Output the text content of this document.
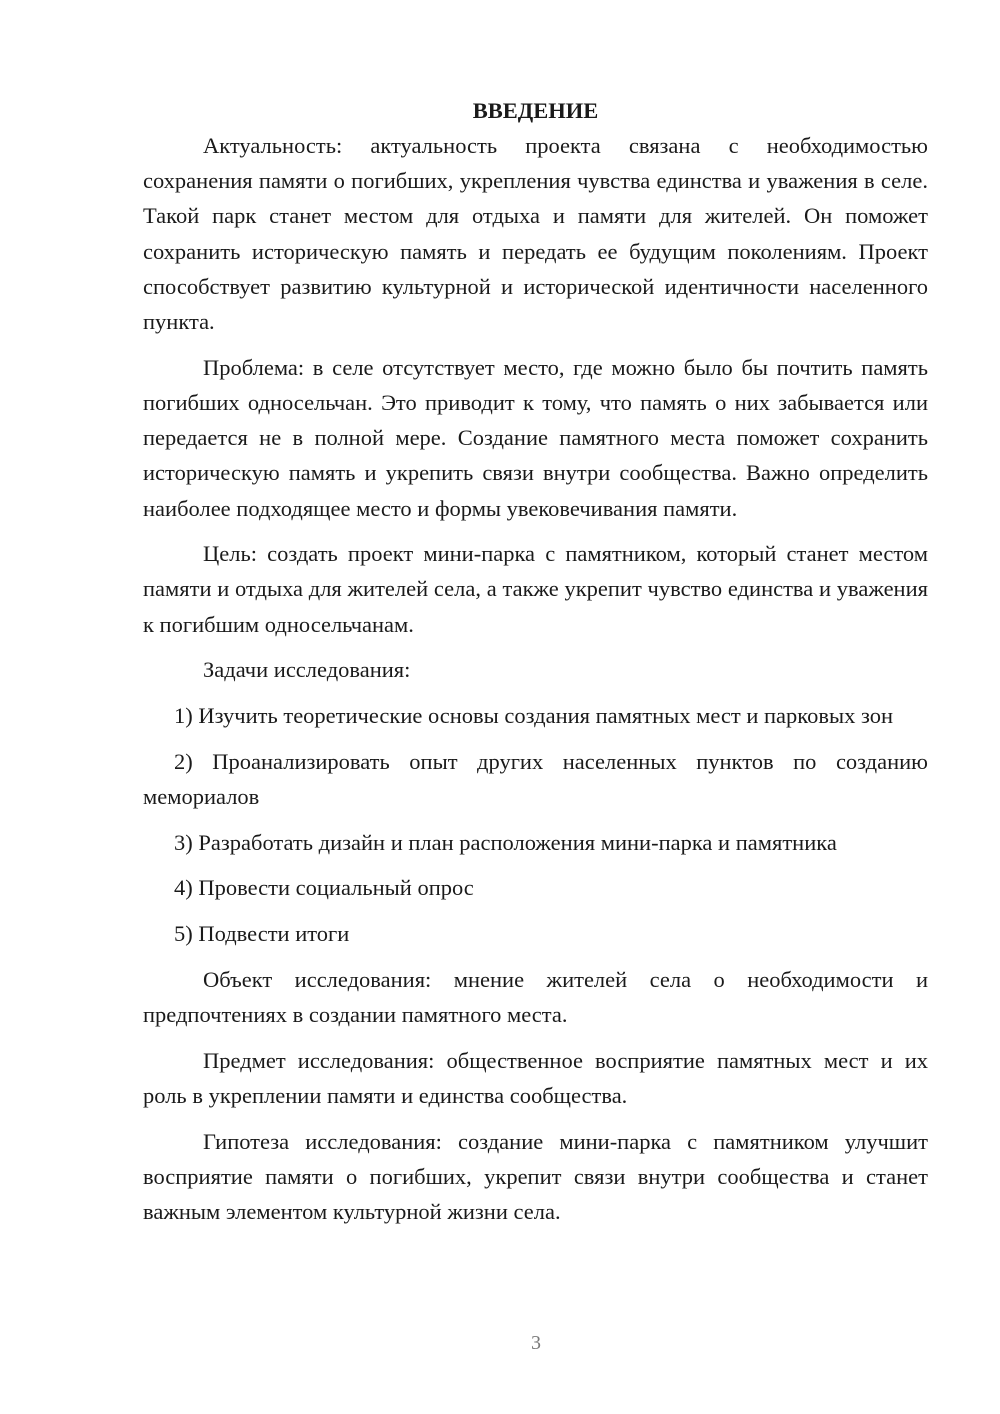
ВВЕДЕНИЕ

Актуальность: актуальность проекта связана с необходимостью сохранения памяти о погибших, укрепления чувства единства и уважения в селе. Такой парк станет местом для отдыха и памяти для жителей. Он поможет сохранить историческую память и передать ее будущим поколениям. Проект способствует развитию культурной и исторической идентичности населенного пункта.

Проблема: в селе отсутствует место, где можно было бы почтить память погибших односельчан. Это приводит к тому, что память о них забывается или передается не в полной мере. Создание памятного места поможет сохранить историческую память и укрепить связи внутри сообщества. Важно определить наиболее подходящее место и формы увековечивания памяти.

Цель: создать проект мини-парка с памятником, который станет местом памяти и отдыха для жителей села, а также укрепит чувство единства и уважения к погибшим односельчанам.

Задачи исследования:

1) Изучить теоретические основы создания памятных мест и парковых зон

2) Проанализировать опыт других населенных пунктов по созданию мемориалов

3) Разработать дизайн и план расположения мини-парка и памятника

4) Провести социальный опрос

5) Подвести итоги

Объект исследования: мнение жителей села о необходимости и предпочтениях в создании памятного места.

Предмет исследования: общественное восприятие памятных мест и их роль в укреплении памяти и единства сообщества.

Гипотеза исследования: создание мини-парка с памятником улучшит восприятие памяти о погибших, укрепит связи внутри сообщества и станет важным элементом культурной жизни села.

3
